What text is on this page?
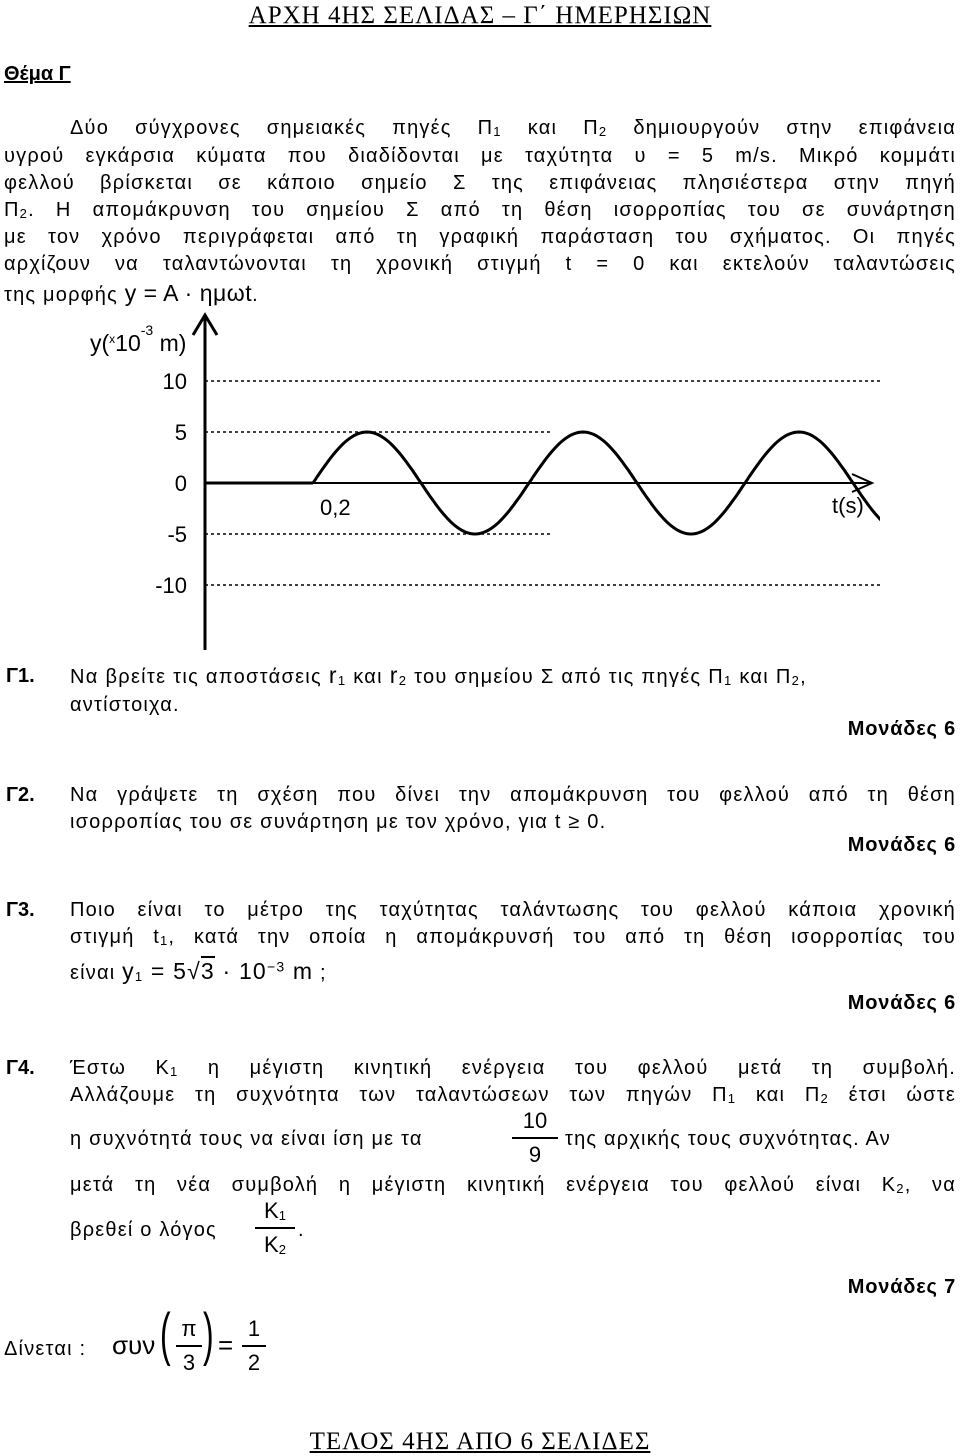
ΑΡΧΗ 4ΗΣ ΣΕΛΙΔΑΣ – Γ΄ ΗΜΕΡΗΣΙΩΝ
Θέμα Γ
Δύο σύγχρονες σημειακές πηγές $\Pi_1$ και $\Pi_2$ δημιουργούν στην επιφάνεια
υγρού εγκάρσια κύματα που διαδίδονται με ταχύτητα υ = 5 m/s. Μικρό κομμάτι
φελλού βρίσκεται σε κάποιο σημείο Σ της επιφάνειας πλησιέστερα στην πηγή
$\Pi_2$. Η απομάκρυνση του σημείου Σ από τη θέση ισορροπίας του σε συνάρτηση
με τον χρόνο περιγράφεται από τη γραφική παράσταση του σχήματος. Οι πηγές
αρχίζουν να ταλαντώνονται τη χρονική στιγμή t = 0 και εκτελούν ταλαντώσεις
της μορφής y = A · ημωt.
$y(^x10^{-3}$ m)
t(s)
10
5
0
-5
-10
0,2
Γ1. Να βρείτε τις αποστάσεις $r_1$ και $r_2$ του σημείου Σ από τις πηγές $\Pi_1$ και $\Pi_2$,
αντίστοιχα.
Μονάδες 6
Γ2. Να γράψετε τη σχέση που δίνει την απομάκρυνση του φελλού από τη θέση
ισορροπίας του σε συνάρτηση με τον χρόνο, για t ≥ 0.
Μονάδες 6
Γ3. Ποιο είναι το μέτρο της ταχύτητας ταλάντωσης του φελλού κάποια χρονική
στιγμή $t_1$, κατά την οποία η απομάκρυνσή του από τη θέση ισορροπίας του
είναι $y_1 = 5√3 \cdot 10^{-3}$ m ;
Μονάδες 6
Γ4. Έστω $K_1$ η μέγιστη κινητική ενέργεια του φελλού μετά τη συμβολή.
Αλλάζουμε τη συχνότητα των ταλαντώσεων των πηγών $\Pi_1$ και $\Pi_2$ έτσι ώστε
η συχνότητά τους να είναι ίση με τα
10
9
της αρχικής τους συχνότητας. Αν
μετά τη νέα συμβολή η μέγιστη κινητική ενέργεια του φελλού είναι $K_2$, να
βρεθεί ο λόγος
$K_1$
$K_2$
.
Μονάδες 7
Δίνεται : συν ( π
3 ) =
1
2
ΤΕΛΟΣ 4ΗΣ ΑΠΟ 6 ΣΕΛΙΔΕΣ
